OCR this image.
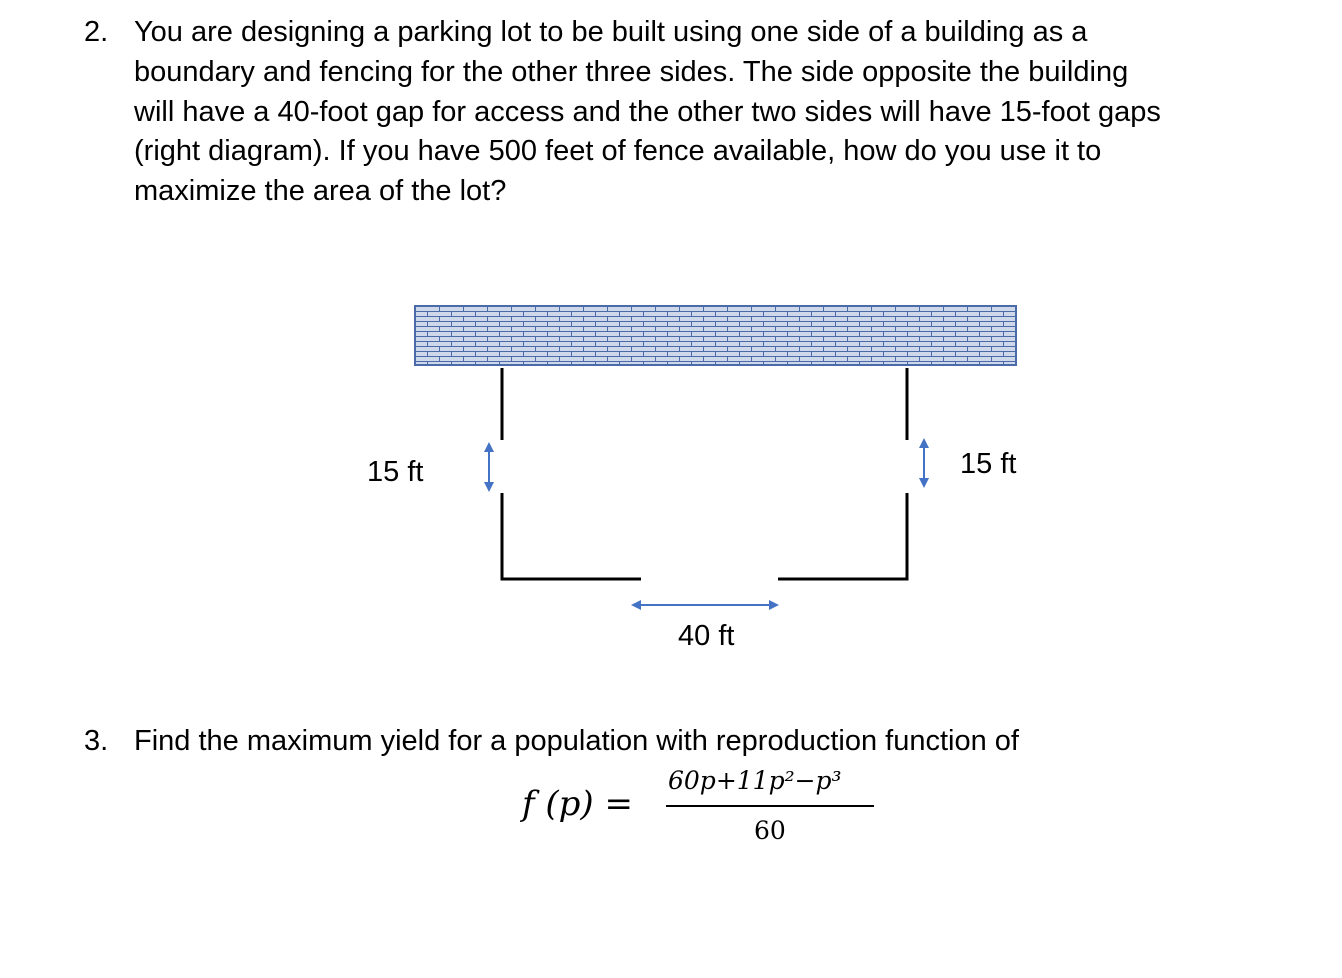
2. You are designing a parking lot to be built using one side of a building as a
boundary and fencing for the other three sides. The side opposite the building
will have a 40-foot gap for access and the other two sides will have 15-foot gaps
(right diagram). If you have 500 feet of fence available, how do you use it to
maximize the area of the lot?
15 ft	15 ft
40 ft
3. Find the maximum yield for a population with reproduction function of
f (p) =
60p+11p²−p³
60
